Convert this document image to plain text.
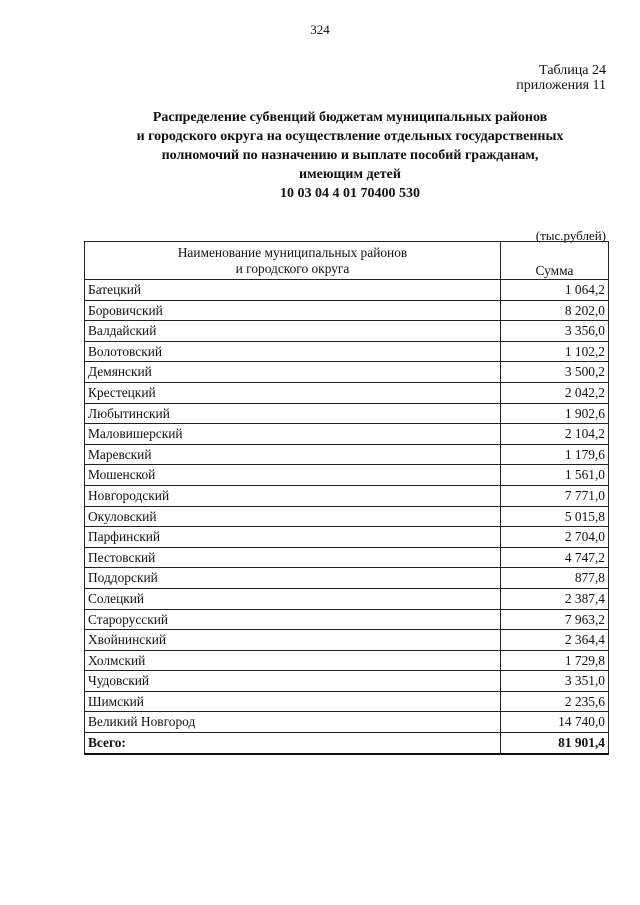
324
Таблица 24
приложения 11
Распределение субвенций бюджетам муниципальных районов
и городского округа на осуществление отдельных государственных
полномочий по назначению и выплате пособий гражданам,
имеющим детей
10 03 04 4 01 70400 530
(тыс.рублей)
Наименование муниципальных районов
и городского округа	Сумма
Батецкий	1 064,2
Боровичский	8 202,0
Валдайский	3 356,0
Волотовский	1 102,2
Демянский	3 500,2
Крестецкий	2 042,2
Любытинский	1 902,6
Маловишерский	2 104,2
Маревский	1 179,6
Мошенской	1 561,0
Новгородский	7 771,0
Окуловский	5 015,8
Парфинский	2 704,0
Пестовский	4 747,2
Поддорский	877,8
Солецкий	2 387,4
Старорусский	7 963,2
Хвойнинский	2 364,4
Холмский	1 729,8
Чудовский	3 351,0
Шимский	2 235,6
Великий Новгород	14 740,0
Всего:	81 901,4
